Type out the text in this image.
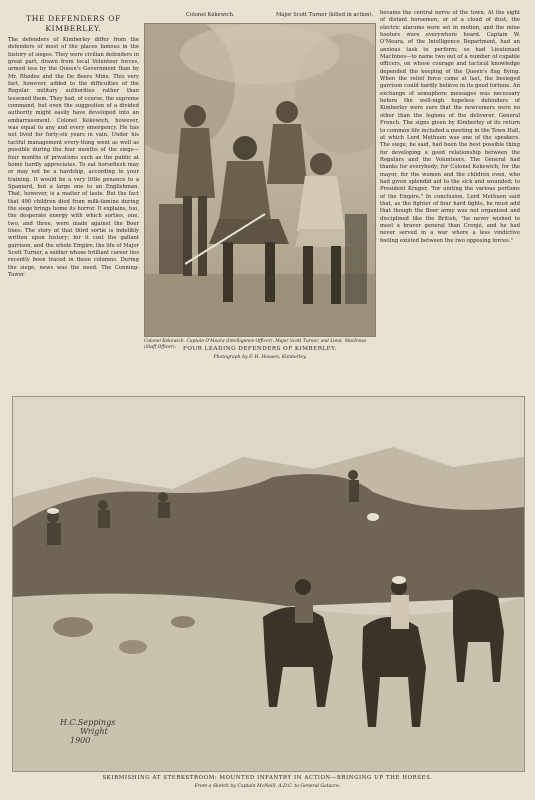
THE DEFENDERS OF
KIMBERLEY.

The defenders of Kimberley differ from the defenders of most of the places famous in the history of sieges. They were civilian defenders in great part, drawn from local Volunteer forces, armed less by the Queen's Government than by Mr. Rhodes and the De Beers Mine. This very fact, however, added to the difficulties of the Regular military authorities rather than lessened them. They had, of course, the supreme command, but even the suggestion of a divided authority might easily have developed into an embarrassment. Colonel Kekewich, however, was equal to any and every emergency. He has not lived for forty-six years in vain. Under his tactful management every-thing went as well as possible during the four months of the siege—four months of privations such as the public at home hardly appreciates. To eat horseflesh may or may not be a hardship, according to your training. It would be a very little penance to a Spaniard, but a large one to an Englishman. That, however, is a matter of taste. But the fact that 490 children died from milk-famine during the siege brings home its horror. It explains, too, the desperate energy with which sorties, one, two, and three, were made against the Boer lines. The story of that third sortie is indelibly written upon history; for it cost the gallant garrison, and the whole Empire, the life of Major Scott Turner, a soldier whose brilliant career lies recently been traced in these columns. During the siege, news was the need. The Conning-Tower

Colonel Kekewich.	Major Scott Turner (killed in action).
Colonel Kekewich. Captain O'Meara (Intelligence Officer). Major Scott Turner, and Lieut. MacInnes (Staff Officer).	FOUR LEADING DEFENDERS OF KIMBERLEY.
Photograph by F. H. Hosaen, Kimberley.

became the central nerve of the town. At the sight of distant horsemen, or of a cloud of dust, the electric alarums were set in motion, and the mine hooters were everywhere heard. Captain W. O'Meara, of the Intelligence Department, had an anxious task to perform; so had Lieutenant MacInnes—to name two out of a number of capable officers, on whose courage and tactical knowledge depended the keeping of the Queen's flag flying. When the relief force came at last, the besieged garrison could hardly believe in its good fortune. An exchange of semaphore messages was necessary before the well-nigh hopeless defenders of Kimberley were sure that the newcomers were no other than the legions of the deliverer, General French. The signs given by Kimberley of its return to common life included a meeting in the Town Hall, at which Lord Methuen was one of the speakers. The siege, he said, had been the best possible thing for developing a good relationship between the Regulars and the Volunteers. The General had thanks for everybody; for Colonel Kekewich, for the mayor, for the women and the children even, who had given splendid aid to the sick and wounded; to President Kruger, "for uniting the various portions of the Empire." In conclusion, Lord Methuen said that, as the fighter of four hard fights, he must add that though the Boer army was not organised and disciplined like the British, "he never wished to meet a braver general than Cronjé, and he had never served in a war where a less vindictive feeling existed between the two opposing forces."

H.C.Seppings
Wright
1900
SKIRMISHING AT STERKSTROOM: MOUNTED INFANTRY IN ACTION—BRINGING UP THE HORSES.
From a Sketch by Captain McNeill, A.D.C. to General Gatacre.
